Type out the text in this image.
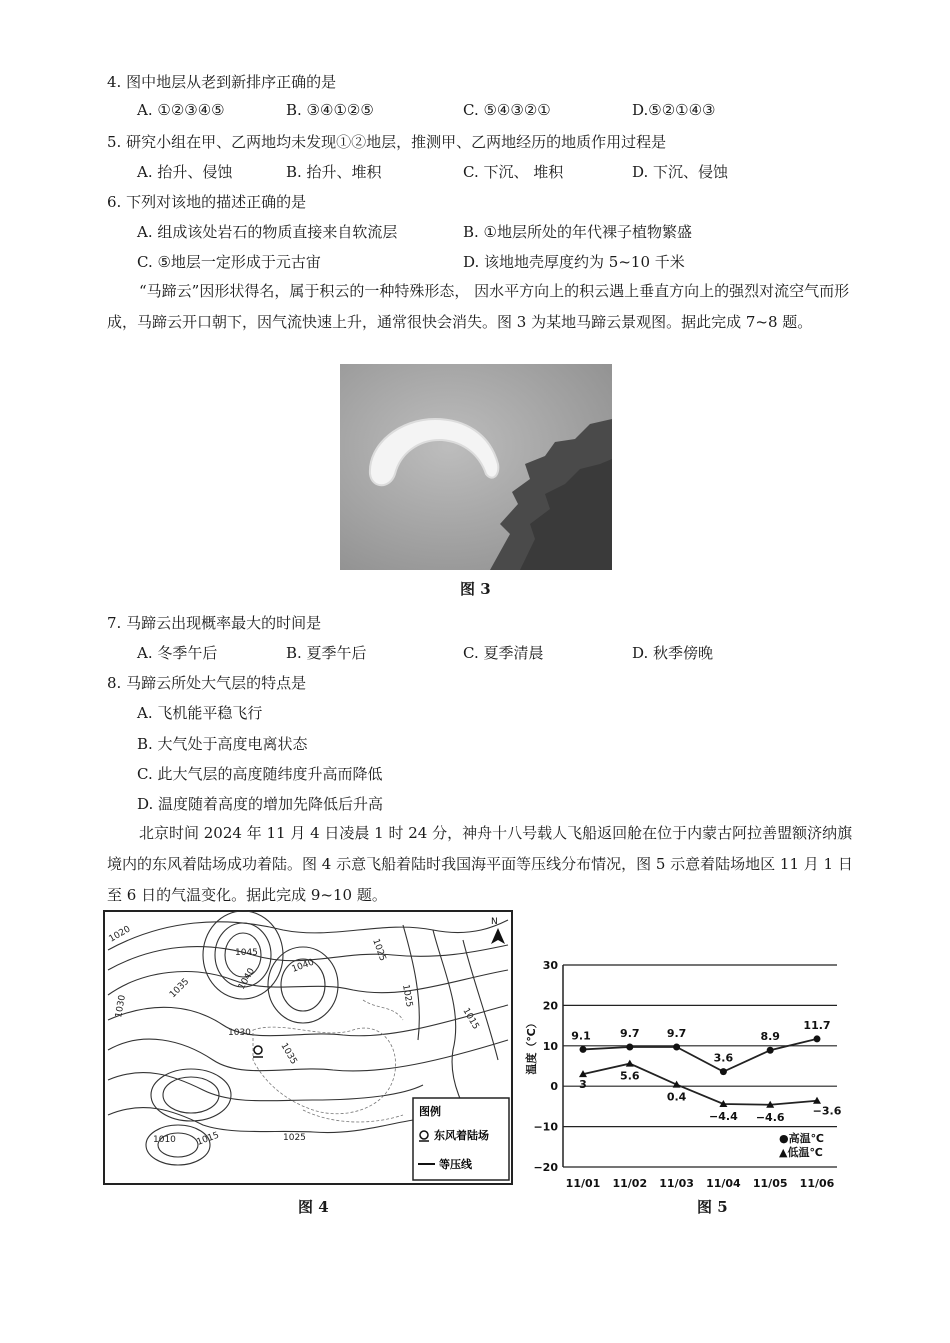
4. 图中地层从老到新排序正确的是
A. ①②③④⑤	B. ③④①②⑤	C. ⑤④③②①	D.⑤②①④③
5. 研究小组在甲、乙两地均未发现①②地层，推测甲、乙两地经历的地质作用过程是
A. 抬升、侵蚀	B. 抬升、堆积	C. 下沉、 堆积	D. 下沉、侵蚀
6. 下列对该地的描述正确的是
A. 组成该处岩石的物质直接来自软流层	B. ①地层所处的年代裸子植物繁盛
C. ⑤地层一定形成于元古宙	D. 该地地壳厚度约为 5~10 千米
“马蹄云”因形状得名，属于积云的一种特殊形态， 因水平方向上的积云遇上垂直方向上的强烈对流空气而形成，马蹄云开口朝下，因气流快速上升，通常很快会消失。图 3 为某地马蹄云景观图。据此完成 7~8 题。
图 3
7. 马蹄云出现概率最大的时间是
A. 冬季午后	B. 夏季午后	C. 夏季清晨	D. 秋季傍晚
8. 马蹄云所处大气层的特点是
A. 飞机能平稳飞行
B. 大气处于高度电离状态
C. 此大气层的高度随纬度升高而降低
D. 温度随着高度的增加先降低后升高
北京时间 2024 年 11 月 4 日凌晨 1 时 24 分，神舟十八号载人飞船返回舱在位于内蒙古阿拉善盟额济纳旗境内的东风着陆场成功着陆。图 4 示意飞船着陆时我国海平面等压线分布情况，图 5 示意着陆场地区 11 月 1 日至 6 日的气温变化。据此完成 9~10 题。
1020
1045
1040
1040
1035
1030
1030
1035
1025
1010 1015	1025
1015
1025
N
图例
东风着陆场
等压线
图 4
30
20
10
0
−10
−20
温度（℃）
11/01 11/02 11/03 11/04 11/05 11/06
9.1	9.7 9.7
3.6
8.9
11.7
3
5.6
0.4
−4.4 −4.6	−3.6
●高温℃
▲低温℃
图 5
